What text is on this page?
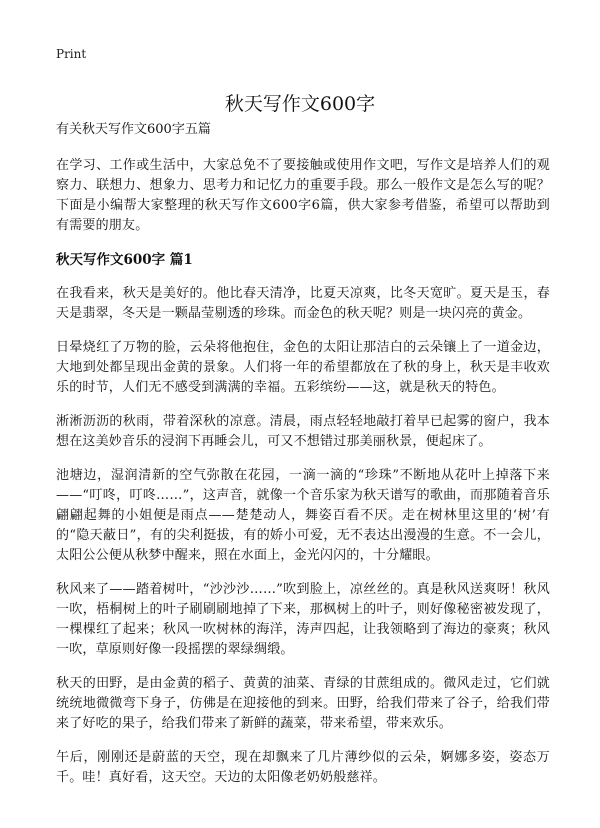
Print
秋天写作文600字

有关秋天写作文600字五篇

在学习、工作或生活中，大家总免不了要接触或使用作文吧，写作文是培养人们的观察力、联想力、想象力、思考力和记忆力的重要手段。那么一般作文是怎么写的呢？下面是小编帮大家整理的秋天写作文600字6篇，供大家参考借鉴，希望可以帮助到有需要的朋友。

秋天写作文600字 篇1

在我看来，秋天是美好的。他比春天清净，比夏天凉爽，比冬天宽旷。夏天是玉，春天是翡翠，冬天是一颗晶莹剔透的珍珠。而金色的秋天呢？则是一块闪亮的黄金。

日晕烧红了万物的脸，云朵将他抱住，金色的太阳让那洁白的云朵镶上了一道金边，大地到处都呈现出金黄的景象。人们将一年的希望都放在了秋的身上，秋天是丰收欢乐的时节，人们无不感受到满满的幸福。五彩缤纷——这，就是秋天的特色。

淅淅沥沥的秋雨，带着深秋的凉意。清晨，雨点轻轻地敲打着早已起雾的窗户，我本想在这美妙音乐的浸润下再睡会儿，可又不想错过那美丽秋景，便起床了。

池塘边，湿润清新的空气弥散在花园，一滴一滴的“珍珠”不断地从花叶上掉落下来——“叮咚，叮咚……”，这声音，就像一个音乐家为秋天谱写的歌曲，而那随着音乐翩翩起舞的小姐便是雨点——楚楚动人，舞姿百看不厌。走在树林里这里的‘树’有的“隐天蔽日”，有的尖利挺拔，有的娇小可爱，无不表达出漫漫的生意。不一会儿，太阳公公便从秋梦中醒来，照在水面上，金光闪闪的，十分耀眼。

秋风来了——踏着树叶，“沙沙沙……”吹到脸上，凉丝丝的。真是秋风送爽呀！秋风一吹，梧桐树上的叶子刷刷刷地掉了下来，那枫树上的叶子，则好像秘密被发现了，一棵棵红了起来；秋风一吹树林的海洋，涛声四起，让我领略到了海边的豪爽；秋风一吹，草原则好像一段摇摆的翠绿绸缎。

秋天的田野，是由金黄的稻子、黄黄的油菜、青绿的甘蔗组成的。微风走过，它们就统统地微微弯下身子，仿佛是在迎接他的到来。田野，给我们带来了谷子，给我们带来了好吃的果子，给我们带来了新鲜的蔬菜，带来希望，带来欢乐。

午后，刚刚还是蔚蓝的天空，现在却飘来了几片薄纱似的云朵，婀娜多姿，姿态万千。哇！真好看，这天空。天边的太阳像老奶奶般慈祥。
